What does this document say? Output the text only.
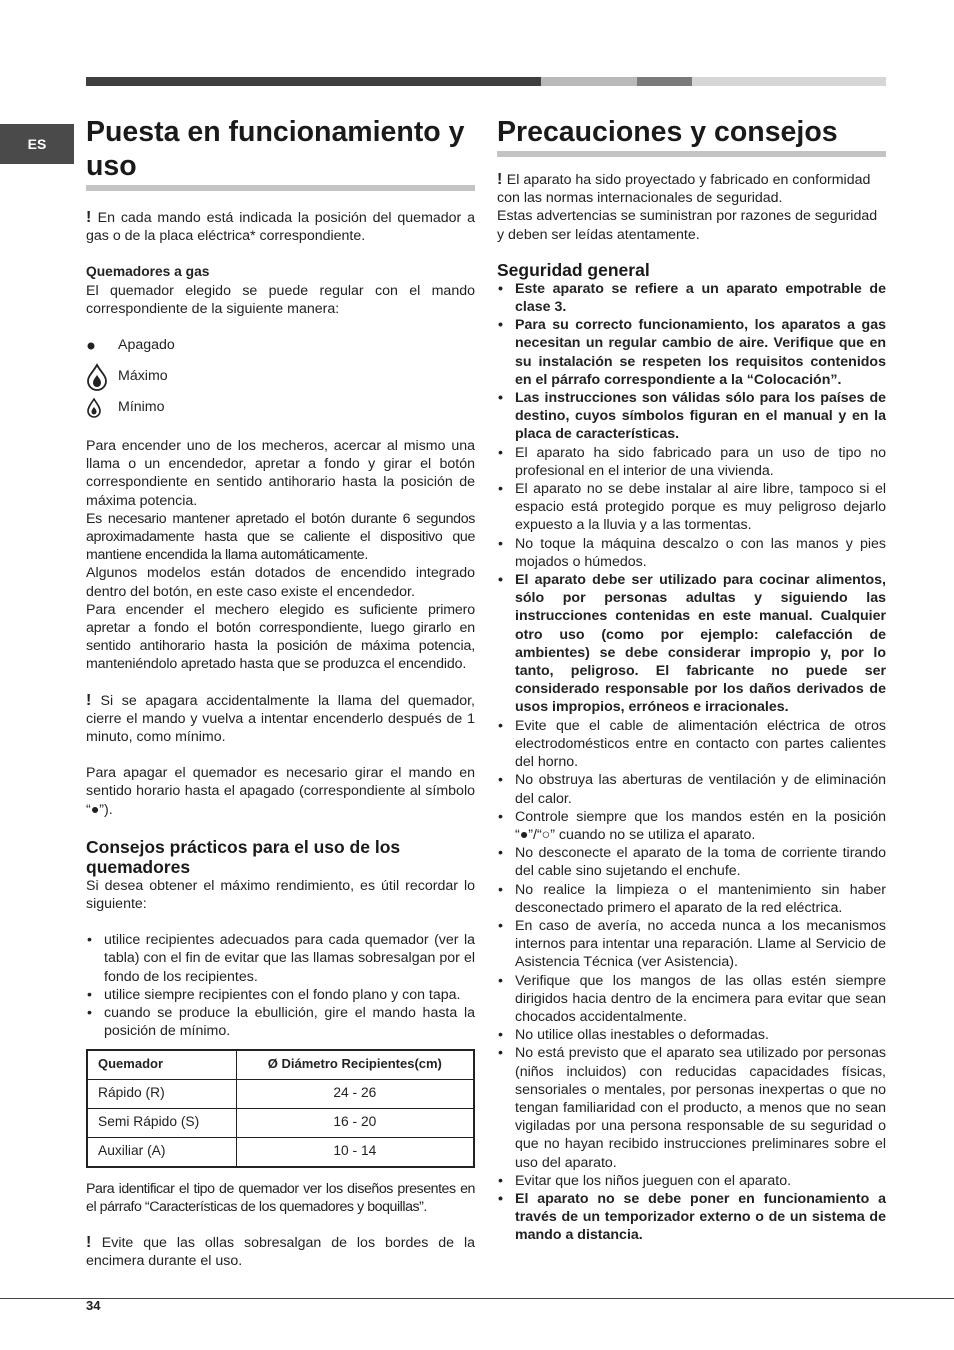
ES	Puesta en funcionamiento y uso

! En cada mando está indicada la posición del quemador a gas o de la placa eléctrica* correspondiente.

Quemadores a gas

El quemador elegido se puede regular con el mando correspondiente de la siguiente manera:

Apagado
Máximo
Mínimo

Para encender uno de los mecheros, acercar al mismo una llama o un encendedor, apretar a fondo y girar el botón correspondiente en sentido antihorario hasta la posición de máxima potencia.

Es necesario mantener apretado el botón durante 6 segundos aproximadamente hasta que se caliente el dispositivo que mantiene encendida la llama automáticamente.

Algunos modelos están dotados de encendido integrado dentro del botón, en este caso existe el encendedor.

Para encender el mechero elegido es suficiente primero apretar a fondo el botón correspondiente, luego girarlo en sentido antihorario hasta la posición de máxima potencia, manteniéndolo apretado hasta que se produzca el encendido.

! Si se apagara accidentalmente la llama del quemador, cierre el mando y vuelva a intentar encenderlo después de 1 minuto, como mínimo.

Para apagar el quemador es necesario girar el mando en sentido horario hasta el apagado (correspondiente al símbolo “●”).

Consejos prácticos para el uso de los quemadores

Si desea obtener el máximo rendimiento, es útil recordar lo siguiente:

• utilice recipientes adecuados para cada quemador (ver la tabla) con el fin de evitar que las llamas sobresalgan por el fondo de los recipientes.
• utilice siempre recipientes con el fondo plano y con tapa.
• cuando se produce la ebullición, gire el mando hasta la posición de mínimo.
Quemador	Ø Diámetro Recipientes(cm)
Rápido (R)	24 - 26
Semi Rápido (S)	16 - 20
Auxiliar (A)	10 - 14

Para identificar el tipo de quemador ver los diseños presentes en el párrafo “Características de los quemadores y boquillas”.

! Evite que las ollas sobresalgan de los bordes de la encimera durante el uso.

Precauciones y consejos

! El aparato ha sido proyectado y fabricado en conformidad con las normas internacionales de seguridad.

Estas advertencias se suministran por razones de seguridad y deben ser leídas atentamente.

Seguridad general
• Este aparato se refiere a un aparato empotrable de clase 3.
• Para su correcto funcionamiento, los aparatos a gas necesitan un regular cambio de aire. Verifique que en su instalación se respeten los requisitos contenidos en el párrafo correspondiente a la “Colocación”.
• Las instrucciones son válidas sólo para los países de destino, cuyos símbolos figuran en el manual y en la placa de características.
• El aparato ha sido fabricado para un uso de tipo no profesional en el interior de una vivienda.
• El aparato no se debe instalar al aire libre, tampoco si el espacio está protegido porque es muy peligroso dejarlo expuesto a la lluvia y a las tormentas.
• No toque la máquina descalzo o con las manos y pies mojados o húmedos.
• El aparato debe ser utilizado para cocinar alimentos, sólo por personas adultas y siguiendo las instrucciones contenidas en este manual. Cualquier otro uso (como por ejemplo: calefacción de ambientes) se debe considerar impropio y, por lo tanto, peligroso. El fabricante no puede ser considerado responsable por los daños derivados de usos impropios, erróneos e irracionales.
• Evite que el cable de alimentación eléctrica de otros electrodomésticos entre en contacto con partes calientes del horno.
• No obstruya las aberturas de ventilación y de eliminación del calor.
• Controle siempre que los mandos estén en la posición “●”/“○” cuando no se utiliza el aparato.
• No desconecte el aparato de la toma de corriente tirando del cable sino sujetando el enchufe.
• No realice la limpieza o el mantenimiento sin haber desconectado primero el aparato de la red eléctrica.
• En caso de avería, no acceda nunca a los mecanismos internos para intentar una reparación. Llame al Servicio de Asistencia Técnica (ver Asistencia).
• Verifique que los mangos de las ollas estén siempre dirigidos hacia dentro de la encimera para evitar que sean chocados accidentalmente.
• No utilice ollas inestables o deformadas.
• No está previsto que el aparato sea utilizado por personas (niños incluidos) con reducidas capacidades físicas, sensoriales o mentales, por personas inexpertas o que no tengan familiaridad con el producto, a menos que no sean vigiladas por una persona responsable de su seguridad o que no hayan recibido instrucciones preliminares sobre el uso del aparato.
• Evitar que los niños jueguen con el aparato.
• El aparato no se debe poner en funcionamiento a través de un temporizador externo o de un sistema de mando a distancia.
34
